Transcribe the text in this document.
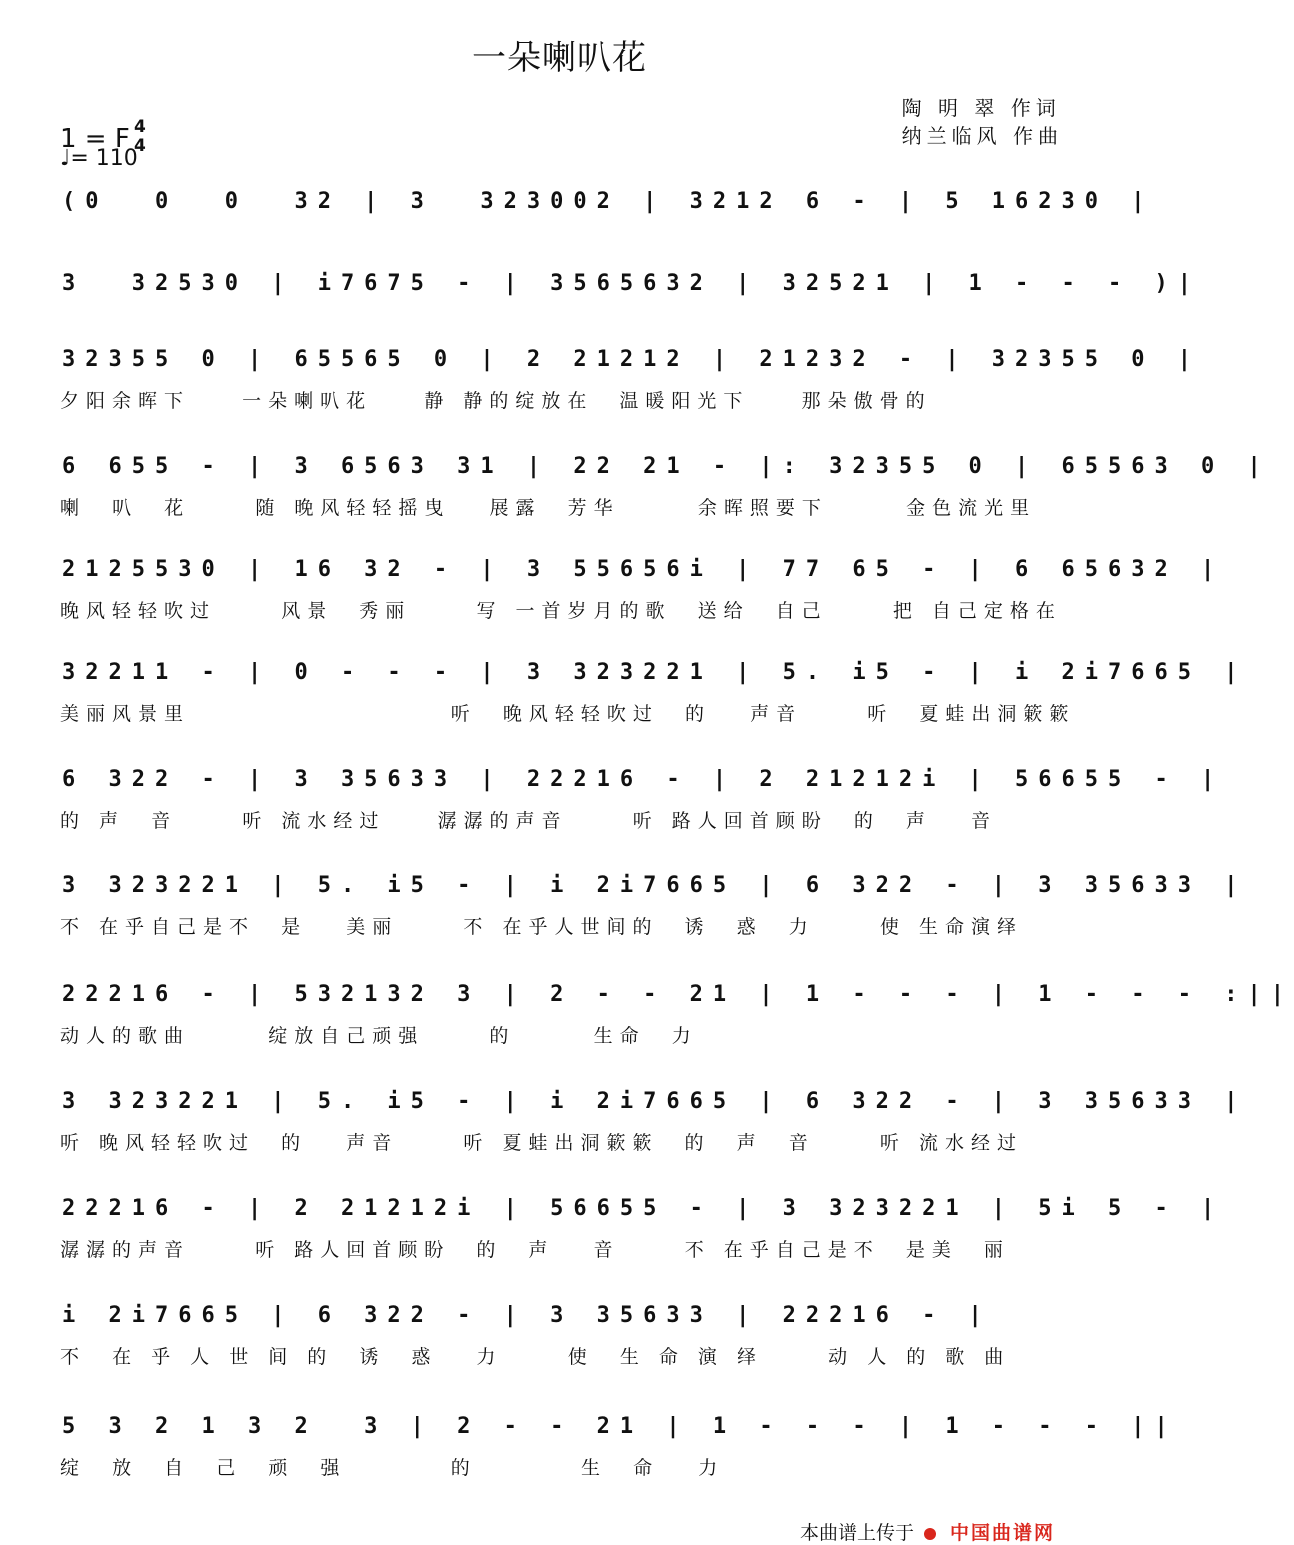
一朵喇叭花
陶 明 翠 作词
纳兰临风 作曲
1 = F 4
4
♩= 110
(0  0  0  32 | 3  323002 | 3212 6 - | 5 16230 |
3  32530 | i7675 - | 3565632 | 32521 | 1 - - - )|
32355 0 | 65565 0 | 2 21212 | 21232 - | 32355 0 |
夕阳余晖下    一朵喇叭花    静 静的绽放在  温暖阳光下    那朵傲骨的
6 655 - | 3 6563 31 | 22 21 - |: 32355 0 | 65563 0 |
喇  叭  花     随 晚风轻轻摇曳   展露  芳华      余晖照要下      金色流光里
2125530 | 16 32 - | 3 55656i | 77 65 - | 6 65632 |
晚风轻轻吹过     风景  秀丽     写 一首岁月的歌  送给  自己     把 自己定格在
32211 - | 0 - - - | 3 323221 | 5. i5 - | i 2i7665 |
美丽风景里                    听  晚风轻轻吹过  的   声音     听  夏蛙出洞簌簌
6 322 - | 3 35633 | 22216 - | 2 21212i | 56655 - |
的 声  音     听 流水经过    潺潺的声音     听 路人回首顾盼  的  声   音
3 323221 | 5. i5 - | i 2i7665 | 6 322 - | 3 35633 |
不 在乎自己是不  是   美丽     不 在乎人世间的  诱  惑  力     使 生命演绎
22216 - | 532132 3 | 2 - - 21 | 1 - - - | 1 - - - :||
动人的歌曲      绽放自己顽强     的      生命  力
3 323221 | 5. i5 - | i 2i7665 | 6 322 - | 3 35633 |
听 晚风轻轻吹过  的   声音     听 夏蛙出洞簌簌  的  声  音     听 流水经过
22216 - | 2 21212i | 56655 - | 3 323221 | 5i 5 - |
潺潺的声音     听 路人回首顾盼  的  声   音     不 在乎自己是不  是美  丽
i 2i7665 | 6 322 - | 3 35633 | 22216 - |
不  在 乎 人 世 间 的  诱  惑   力     使  生 命 演 绎     动 人 的 歌 曲
5 3 2 1 3 2  3 | 2 - - 21 | 1 - - - | 1 - - - ||
绽  放  自  己  顽  强        的        生  命   力
本曲谱上传于 中国曲谱网
